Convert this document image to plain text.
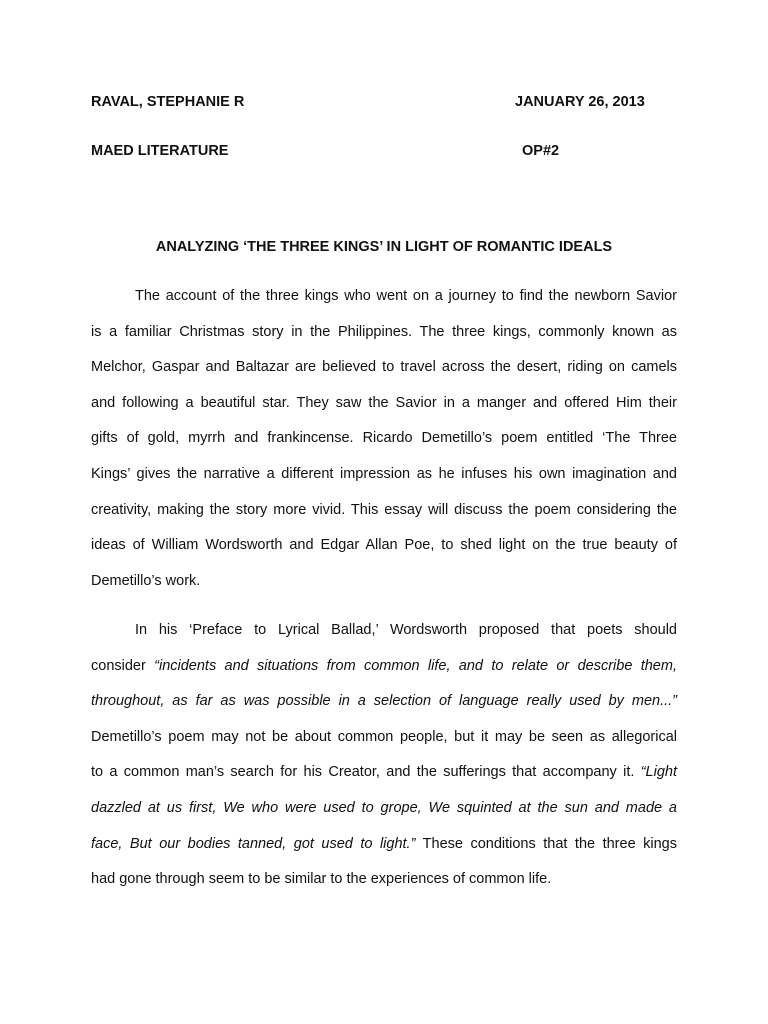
RAVAL, STEPHANIE R	JANUARY 26, 2013
MAED LITERATURE	OP#2
ANALYZING ‘THE THREE KINGS’ IN LIGHT OF ROMANTIC IDEALS
The account of the three kings who went on a journey to find the newborn Savior
is a familiar Christmas story in the Philippines. The three kings, commonly known as
Melchor, Gaspar and Baltazar are believed to travel across the desert, riding on camels
and following a beautiful star. They saw the Savior in a manger and offered Him their
gifts of gold, myrrh and frankincense. Ricardo Demetillo’s poem entitled ‘The Three
Kings’ gives the narrative a different impression as he infuses his own imagination and
creativity, making the story more vivid. This essay will discuss the poem considering the
ideas of William Wordsworth and Edgar Allan Poe, to shed light on the true beauty of
Demetillo’s work.
In his ‘Preface to Lyrical Ballad,’ Wordsworth proposed that poets should
consider “incidents and situations from common life, and to relate or describe them,
throughout, as far as was possible in a selection of language really used by men...”
Demetillo’s poem may not be about common people, but it may be seen as allegorical
to a common man’s search for his Creator, and the sufferings that accompany it. “Light
dazzled at us first, We who were used to grope, We squinted at the sun and made a
face, But our bodies tanned, got used to light.” These conditions that the three kings
had gone through seem to be similar to the experiences of common life.
